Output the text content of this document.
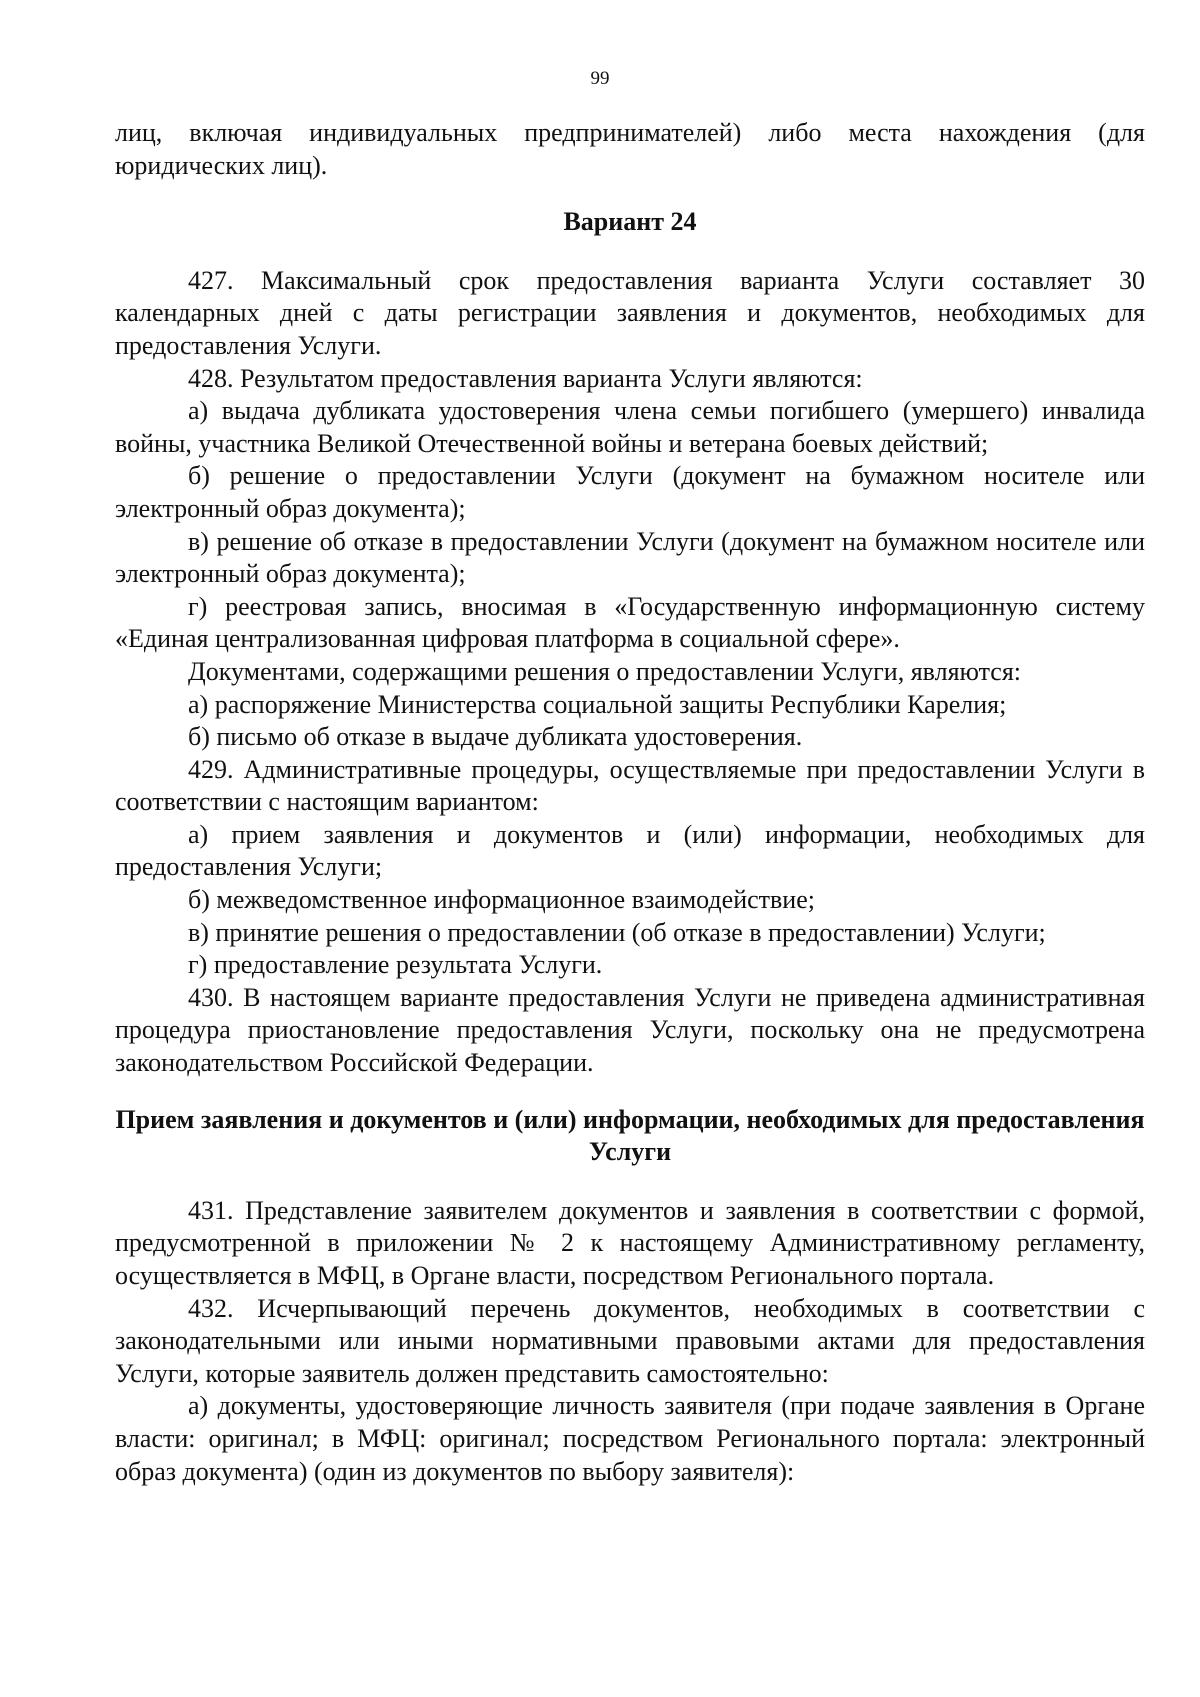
99

лиц, включая индивидуальных предпринимателей) либо места нахождения (для юридических лиц).

Вариант 24

427. Максимальный срок предоставления варианта Услуги составляет 30 календарных дней с даты регистрации заявления и документов, необходимых для предоставления Услуги.

428. Результатом предоставления варианта Услуги являются:

а) выдача дубликата удостоверения члена семьи погибшего (умершего) инвалида войны, участника Великой Отечественной войны и ветерана боевых действий;

б) решение о предоставлении Услуги (документ на бумажном носителе или электронный образ документа);

в) решение об отказе в предоставлении Услуги (документ на бумажном носителе или электронный образ документа);

г) реестровая запись, вносимая в «Государственную информационную систему «Единая централизованная цифровая платформа в социальной сфере».

Документами, содержащими решения о предоставлении Услуги, являются:

а) распоряжение Министерства социальной защиты Республики Карелия;

б) письмо об отказе в выдаче дубликата удостоверения.

429. Административные процедуры, осуществляемые при предоставлении Услуги в соответствии с настоящим вариантом:

а) прием заявления и документов и (или) информации, необходимых для предоставления Услуги;

б) межведомственное информационное взаимодействие;

в) принятие решения о предоставлении (об отказе в предоставлении) Услуги;

г) предоставление результата Услуги.

430. В настоящем варианте предоставления Услуги не приведена административная процедура приостановление предоставления Услуги, поскольку она не предусмотрена законодательством Российской Федерации.

Прием заявления и документов и (или) информации, необходимых для предоставления Услуги

431. Представление заявителем документов и заявления в соответствии с формой, предусмотренной в приложении № 2 к настоящему Административному регламенту, осуществляется в МФЦ, в Органе власти, посредством Регионального портала.

432. Исчерпывающий перечень документов, необходимых в соответствии с законодательными или иными нормативными правовыми актами для предоставления Услуги, которые заявитель должен представить самостоятельно:

а) документы, удостоверяющие личность заявителя (при подаче заявления в Органе власти: оригинал; в МФЦ: оригинал; посредством Регионального портала: электронный образ документа) (один из документов по выбору заявителя):
